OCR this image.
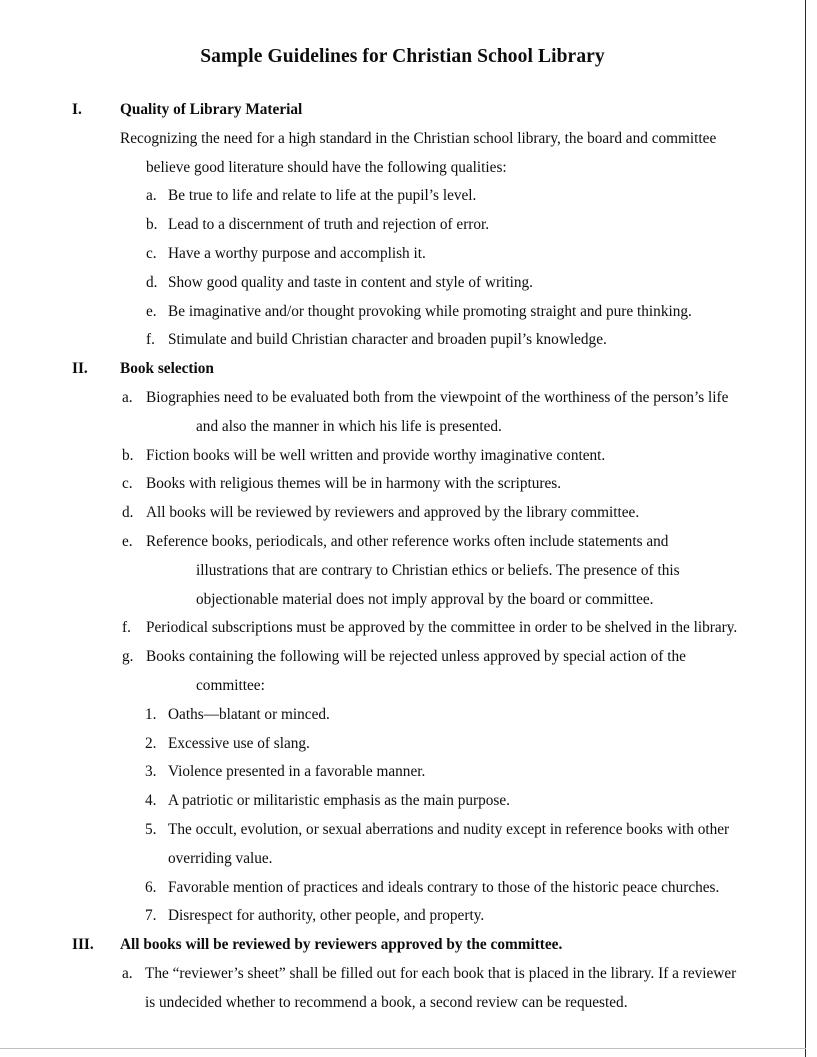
Sample Guidelines for Christian School Library
I. Quality of Library Material
Recognizing the need for a high standard in the Christian school library, the board and committee
believe good literature should have the following qualities:
a. Be true to life and relate to life at the pupil’s level.
b. Lead to a discernment of truth and rejection of error.
c. Have a worthy purpose and accomplish it.
d. Show good quality and taste in content and style of writing.
e. Be imaginative and/or thought provoking while promoting straight and pure thinking.
f. Stimulate and build Christian character and broaden pupil’s knowledge.
II. Book selection
a. Biographies need to be evaluated both from the viewpoint of the worthiness of the person’s life
and also the manner in which his life is presented.
b. Fiction books will be well written and provide worthy imaginative content.
c. Books with religious themes will be in harmony with the scriptures.
d. All books will be reviewed by reviewers and approved by the library committee.
e. Reference books, periodicals, and other reference works often include statements and
illustrations that are contrary to Christian ethics or beliefs. The presence of this
objectionable material does not imply approval by the board or committee.
f. Periodical subscriptions must be approved by the committee in order to be shelved in the library.
g. Books containing the following will be rejected unless approved by special action of the
committee:
1. Oaths—blatant or minced.
2. Excessive use of slang.
3. Violence presented in a favorable manner.
4. A patriotic or militaristic emphasis as the main purpose.
5. The occult, evolution, or sexual aberrations and nudity except in reference books with other
overriding value.
6. Favorable mention of practices and ideals contrary to those of the historic peace churches.
7. Disrespect for authority, other people, and property.
III. All books will be reviewed by reviewers approved by the committee.
a. The “reviewer’s sheet” shall be filled out for each book that is placed in the library. If a reviewer
is undecided whether to recommend a book, a second review can be requested.
